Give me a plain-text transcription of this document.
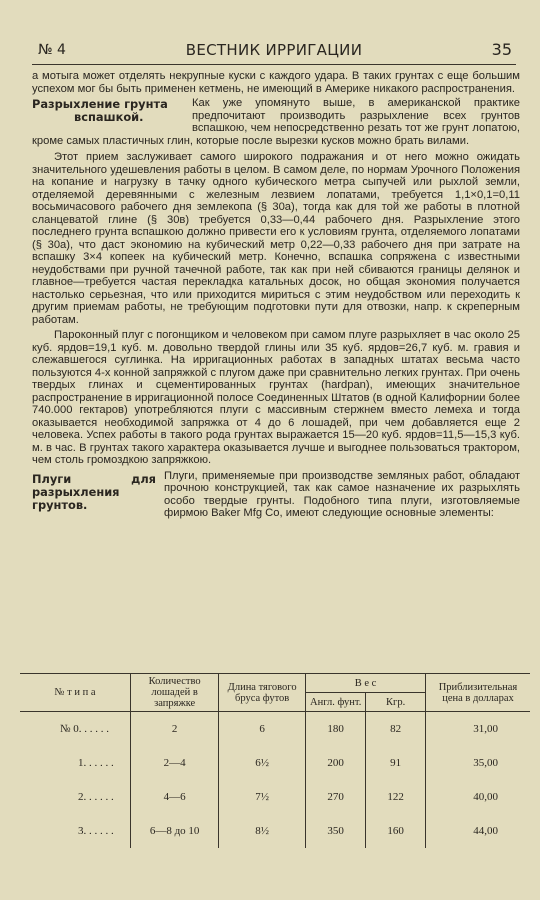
№ 4	ВЕСТНИК ИРРИГАЦИИ	35

а мотыга может отделять некрупные куски с каждого удара. В таких грунтах с еще большим успехом мог бы быть применен кетмень, не имеющий в Америке никакого распространения.

Разрыхление грунта
вспашкой.

Как уже упомянуто выше, в американской практике предпочитают производить разрыхление всех грунтов вспашкою, чем непосредственно резать тот же грунт лопатою, кроме самых пластичных глин, которые после вырезки кусков можно брать вилами.

Этот прием заслуживает самого широкого подражания и от него можно ожидать значительного удешевления работы в целом. В самом деле, по нормам Урочного Положения на копание и нагрузку в тачку одного кубического метра сыпучей или рыхлой земли, отделяемой деревянными с железным лезвием лопатами, требуется 1,1×0,1=0,11 восьмичасового рабочего дня землекопа (§ 30а), тогда как для той же работы в плотной сланцеватой глине (§ 30в) требуется 0,33—0,44 рабочего дня. Разрыхление этого последнего грунта вспашкою должно привести его к условиям грунта, отделяемого лопатами (§ 30а), что даст экономию на кубический метр 0,22—0,33 рабочего дня при затрате на вспашку 3×4 копеек на кубический метр. Конечно, вспашка сопряжена с известными неудобствами при ручной тачечной работе, так как при ней сбиваются границы делянок и главное—требуется частая перекладка катальных досок, но общая экономия получается настолько серьезная, что или приходится мириться с этим неудобством или переходить к другим приемам работы, не требующим подготовки пути для отвозки, напр. к скреперным работам.

Пароконный плуг с погонщиком и человеком при самом плуге разрыхляет в час около 25 куб. ярдов=19,1 куб. м. довольно твердой глины или 35 куб. ярдов=26,7 куб. м. гравия и слежавшегося суглинка. На ирригационных работах в западных штатах весьма часто пользуются 4-х конной запряжкой с плугом даже при сравнительно легких грунтах. При очень твердых глинах и сцементированных грунтах (hardpan), имеющих значительное распространение в ирригационной полосе Соединенных Штатов (в одной Калифорнии более 740.000 гектаров) употребляются плуги с массивным стержнем вместо лемеха и тогда оказывается необходимой запряжка от 4 до 6 лошадей, при чем добавляется еще 2 человека. Успех работы в такого рода грунтах выражается 15—20 куб. ярдов=11,5—15,3 куб. м. в час. В грунтах такого характера оказывается лучше и выгоднее пользоваться трактором, чем столь громоздкою запряжкою.

Плуги для разрыхления грунтов.

Плуги, применяемые при производстве земляных работ, обладают прочною конструкцией, так как самое назначение их разрыхлять особо твердые грунты. Подобного типа плуги, изготовляемые фирмою Baker Mfg Co, имеют следующие основные элементы:

№ т и п а	Количество лошадей в запряжке	Длина тягового бруса футов	В е с		Приблизительная цена в долларах
			Англ. фунт.	Кгр.	
№ 0. . . . . .	2	6	180	82	31,00
1. . . . . .	2—4	6½	200	91	35,00
2. . . . . .	4—6	7½	270	122	40,00
3. . . . . .	6—8 до 10	8½	350	160	44,00
